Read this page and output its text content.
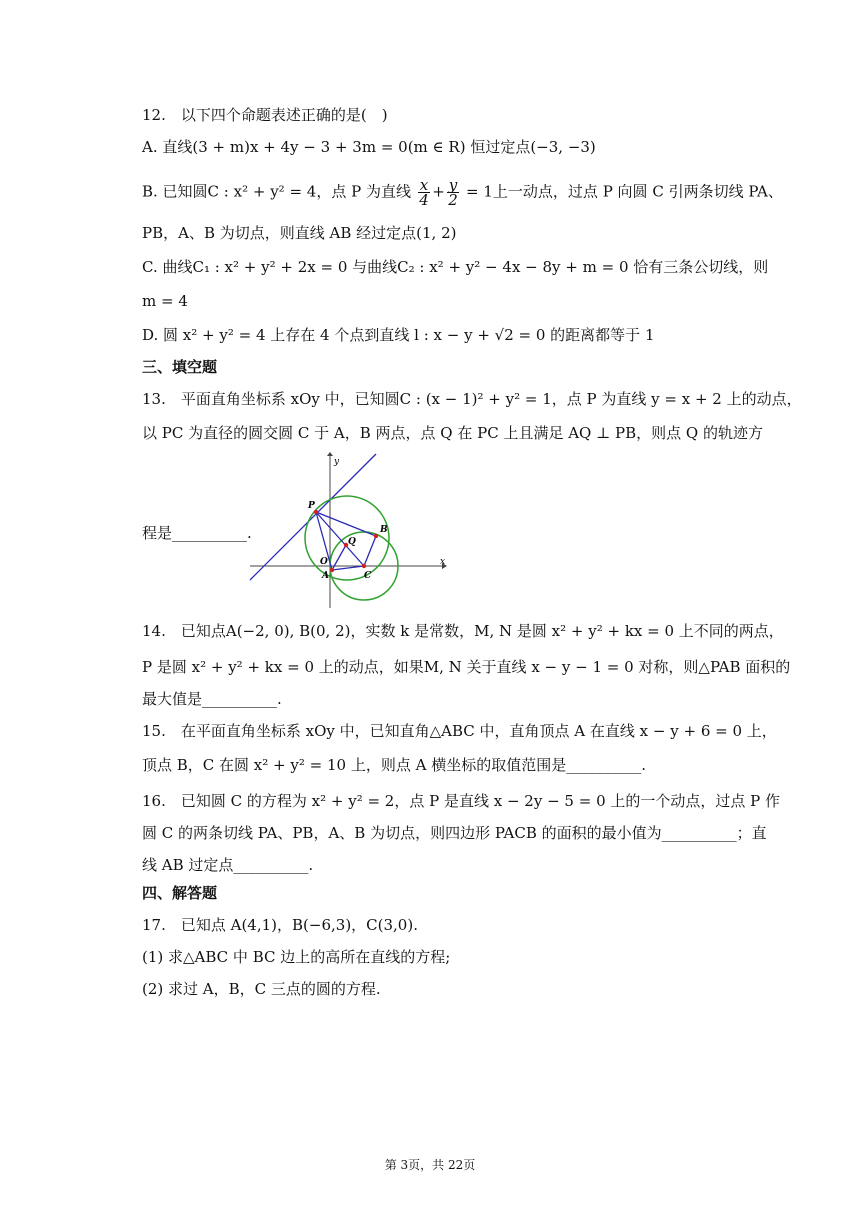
12.　以下四个命题表述正确的是(　)
A. 直线(3 + m)x + 4y − 3 + 3m = 0(m ∈ R) 恒过定点(−3, −3)
B. 已知圆C : x² + y² = 4，点 P 为直线 $\frac{x}{4} + \frac{y}{2} = 1$上一动点，过点 P 向圆 C 引两条切线 PA、
PB，A、B 为切点，则直线 AB 经过定点(1, 2)
C. 曲线C₁ : x² + y² + 2x = 0 与曲线C₂ : x² + y² − 4x − 8y + m = 0 恰有三条公切线，则
m = 4
D. 圆 x² + y² = 4 上存在 4 个点到直线 l : x − y + √2 = 0 的距离都等于 1
三、填空题
13.　平面直角坐标系 xOy 中，已知圆C : (x − 1)² + y² = 1，点 P 为直线 y = x + 2 上的动点，
以 PC 为直径的圆交圆 C 于 A，B 两点，点 Q 在 PC 上且满足 AQ ⊥ PB，则点 Q 的轨迹方
程是__________.
x
y
P
B
Q
O
A	C
14.　已知点A(−2, 0), B(0, 2)，实数 k 是常数，M, N 是圆 x² + y² + kx = 0 上不同的两点，
P 是圆 x² + y² + kx = 0 上的动点，如果M, N 关于直线 x − y − 1 = 0 对称，则△PAB 面积的
最大值是__________.
15.　在平面直角坐标系 xOy 中，已知直角△ABC 中，直角顶点 A 在直线 x − y + 6 = 0 上，
顶点 B，C 在圆 x² + y² = 10 上，则点 A 横坐标的取值范围是__________.
16.　已知圆 C 的方程为 x² + y² = 2，点 P 是直线 x − 2y − 5 = 0 上的一个动点，过点 P 作
圆 C 的两条切线 PA、PB，A、B 为切点，则四边形 PACB 的面积的最小值为__________；直
线 AB 过定点__________.
四、解答题
17.　已知点 A(4,1)，B(−6,3)，C(3,0).
(1) 求△ABC 中 BC 边上的高所在直线的方程;
(2) 求过 A，B，C 三点的圆的方程.
第 3页，共 22页
